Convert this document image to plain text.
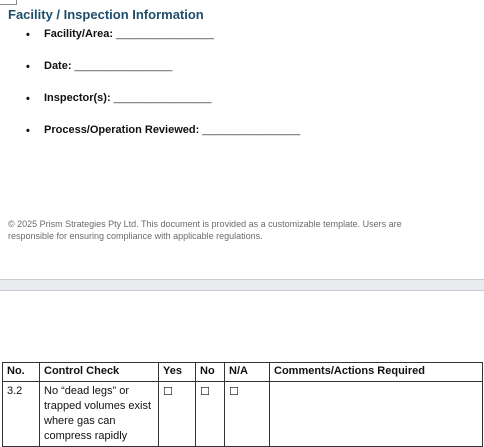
Facility / Inspection Information
• Facility/Area: ________________
• Date: ________________
• Inspector(s): ________________
• Process/Operation Reviewed: ________________

© 2025 Prism Strategies Pty Ltd. This document is provided as a customizable template. Users are responsible for ensuring compliance with applicable regulations.

No.	Control Check	Yes	No	N/A	Comments/Actions Required
3.2	No “dead legs” or trapped volumes exist where gas can compress rapidly	☐	☐	☐	
